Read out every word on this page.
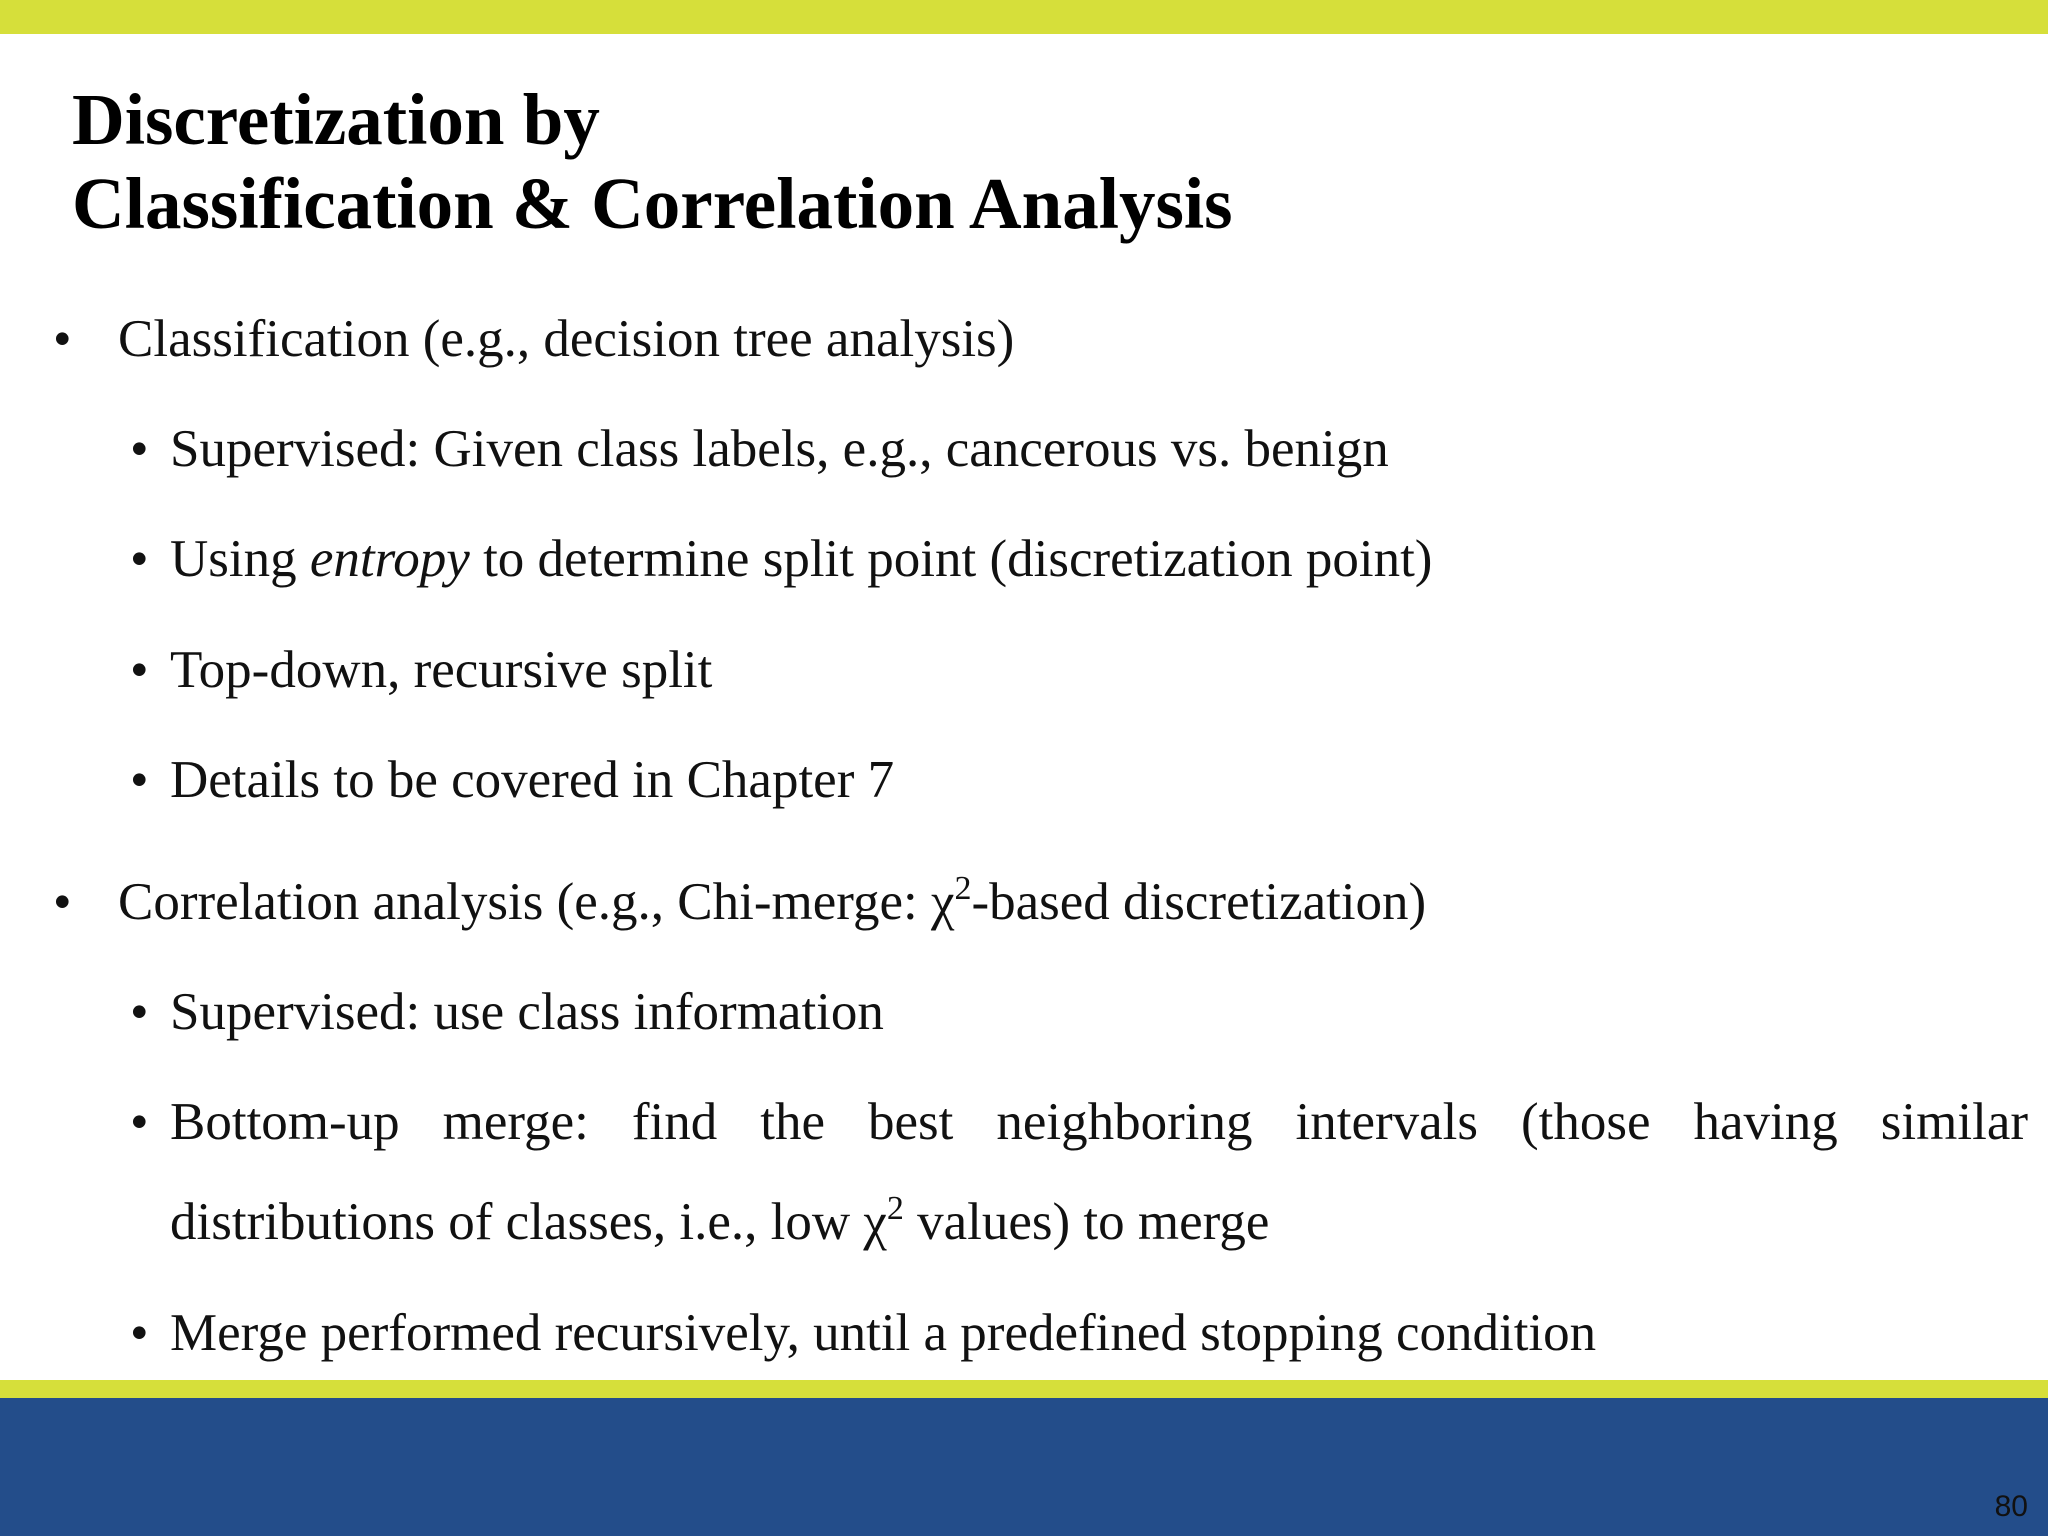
Discretization by
Classification & Correlation Analysis
• Classification (e.g., decision tree analysis)
• Supervised: Given class labels, e.g., cancerous vs. benign
• Using entropy to determine split point (discretization point)
• Top-down, recursive split
• Details to be covered in Chapter 7
• Correlation analysis (e.g., Chi-merge: $\chi^2$-based discretization)
• Supervised: use class information
• Bottom-up merge: find the best neighboring intervals (those having similar distributions of classes, i.e., low $\chi^2$ values) to merge
• Merge performed recursively, until a predefined stopping condition
80
